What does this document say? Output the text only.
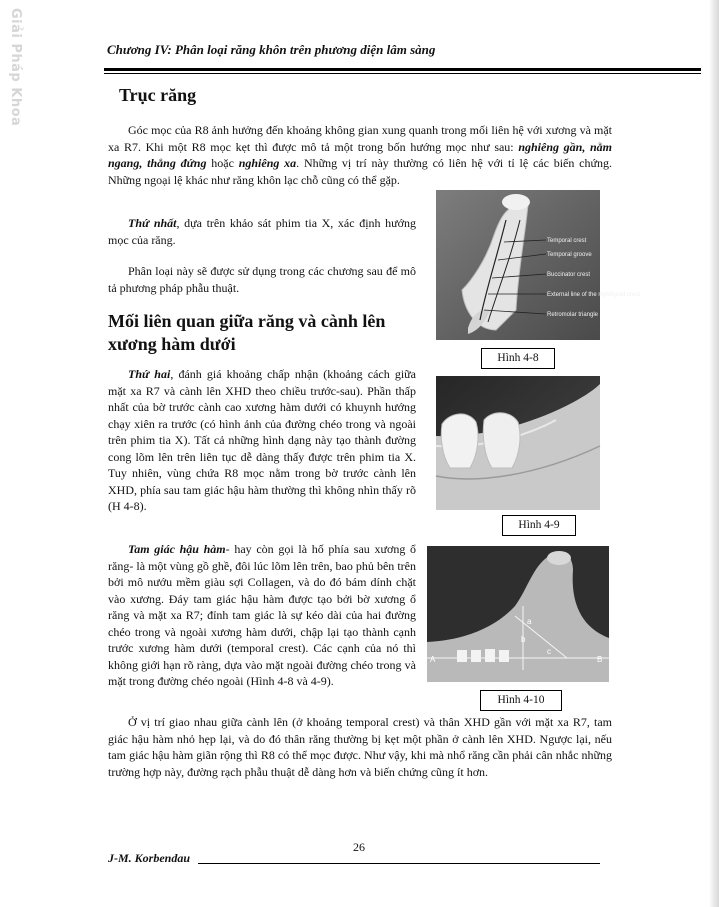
Giải Pháp Khoa	Chương IV: Phân loại răng khôn trên phương diện lâm sàng
Trục răng

Góc mọc của R8 ảnh hưởng đến khoảng không gian xung quanh trong mối liên hệ với xương và mặt xa R7. Khi một R8 mọc kẹt thì được mô tả một trong bốn hướng mọc như sau: nghiêng gần, nằm ngang, thẳng đứng hoặc nghiêng xa. Những vị trí này thường có liên hệ với tỉ lệ các biến chứng. Những ngoại lệ khác như răng khôn lạc chỗ cũng có thể gặp.

Thứ nhất, dựa trên khảo sát phim tia X, xác định hướng mọc của răng.

Phân loại này sẽ được sử dụng trong các chương sau để mô tả phương pháp phẫu thuật.

Mối liên quan giữa răng và cành lên xương hàm dưới

Thứ hai, đánh giá khoảng chấp nhận (khoảng cách giữa mặt xa R7 và cành lên XHD theo chiều trước-sau). Phần thấp nhất của bờ trước cành cao xương hàm dưới có khuynh hướng chạy xiên ra trước (có hình ảnh của đường chéo trong và ngoài trên phim tia X). Tất cả những hình dạng này tạo thành đường cong lõm lên trên liên tục dễ dàng thấy được trên phim tia X. Tuy nhiên, vùng chứa R8 mọc nằm trong bờ trước cành lên XHD, phía sau tam giác hậu hàm thường thì không nhìn thấy rõ (H 4-8).

Tam giác hậu hàm- hay còn gọi là hố phía sau xương ổ răng- là một vùng gồ ghề, đôi lúc lõm lên trên, bao phủ bên trên bởi mô nướu mềm giàu sợi Collagen, và do đó bám dính chặt vào xương. Đáy tam giác hậu hàm được tạo bởi bờ xương ổ răng và mặt xa R7; đỉnh tam giác là sự kéo dài của hai đường chéo trong và ngoài xương hàm dưới, chập lại tạo thành cạnh trước xương hàm dưới (temporal crest). Các cạnh của nó thì không giới hạn rõ ràng, dựa vào mặt ngoài đường chéo trong và mặt trong đường chéo ngoài (Hình 4-8 và 4-9).

Ở vị trí giao nhau giữa cành lên (ở khoảng temporal crest) và thân XHD gần với mặt xa R7, tam giác hậu hàm nhỏ hẹp lại, và do đó thân răng thường bị kẹt một phần ở cành lên XHD. Ngược lại, nếu tam giác hậu hàm giãn rộng thì R8 có thể mọc được. Như vậy, khi mà nhổ răng cần phải cân nhắc những trường hợp này, đường rạch phẫu thuật dễ dàng hơn và biến chứng cũng ít hơn.

Temporal crest
Temporal groove
Buccinator crest
External line of the mylohyoid crest
Retromolar triangle
Hình 4-8
Hình 4-9
a
b
c
A	B
Hình 4-10
26
J-M. Korbendau
